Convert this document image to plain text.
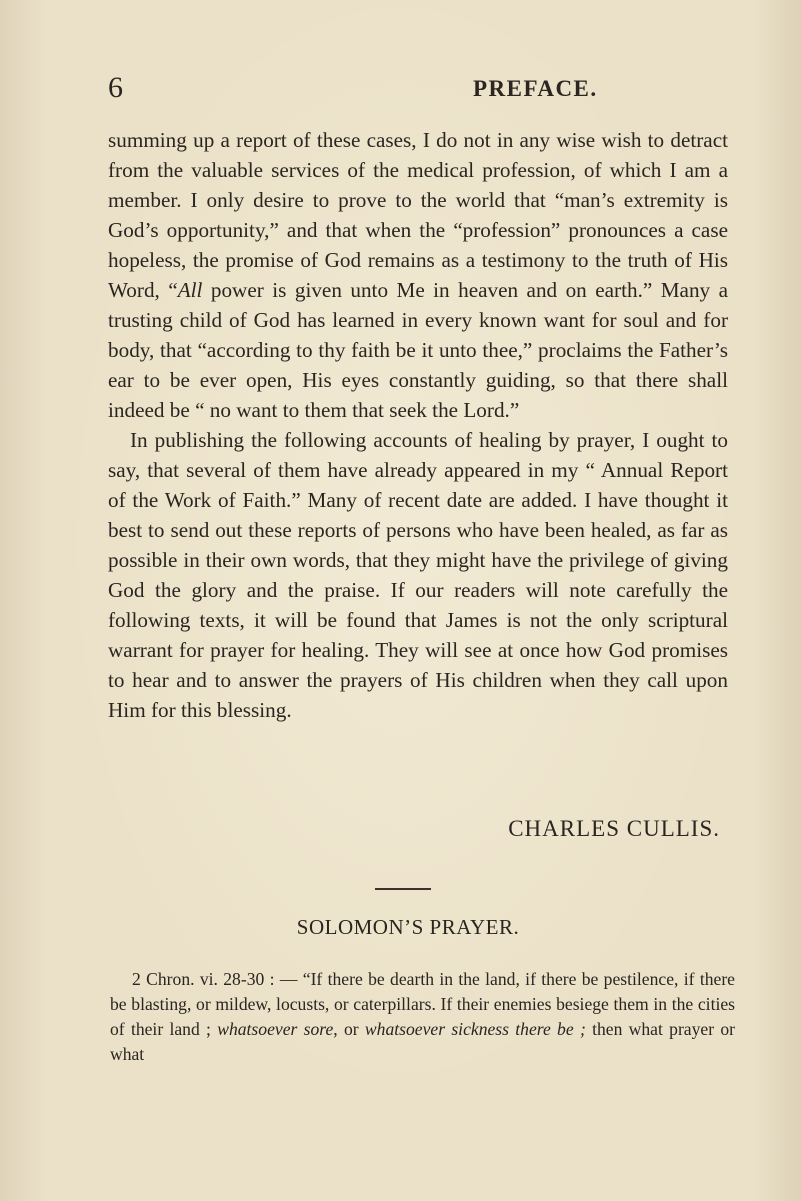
6	PREFACE.

summing up a report of these cases, I do not in any wise wish to detract from the valuable services of the medical profession, of which I am a member. I only desire to prove to the world that “man’s extremity is God’s opportunity,” and that when the “profession” pronounces a case hopeless, the promise of God remains as a testimony to the truth of His Word, “All power is given unto Me in heaven and on earth.” Many a trusting child of God has learned in every known want for soul and for body, that “according to thy faith be it unto thee,” proclaims the Father’s ear to be ever open, His eyes constantly guiding, so that there shall indeed be “ no want to them that seek the Lord.”

In publishing the following accounts of healing by prayer, I ought to say, that several of them have already appeared in my “ Annual Report of the Work of Faith.” Many of recent date are added. I have thought it best to send out these reports of persons who have been healed, as far as possible in their own words, that they might have the privilege of giving God the glory and the praise. If our readers will note carefully the following texts, it will be found that James is not the only scriptural warrant for prayer for healing. They will see at once how God promises to hear and to answer the prayers of His children when they call upon Him for this blessing.

CHARLES CULLIS.
SOLOMON’S PRAYER.

2 Chron. vi. 28-30 : — “If there be dearth in the land, if there be pestilence, if there be blasting, or mildew, locusts, or caterpillars. If their enemies besiege them in the cities of their land ; whatsoever sore, or whatsoever sickness there be ; then what prayer or what
